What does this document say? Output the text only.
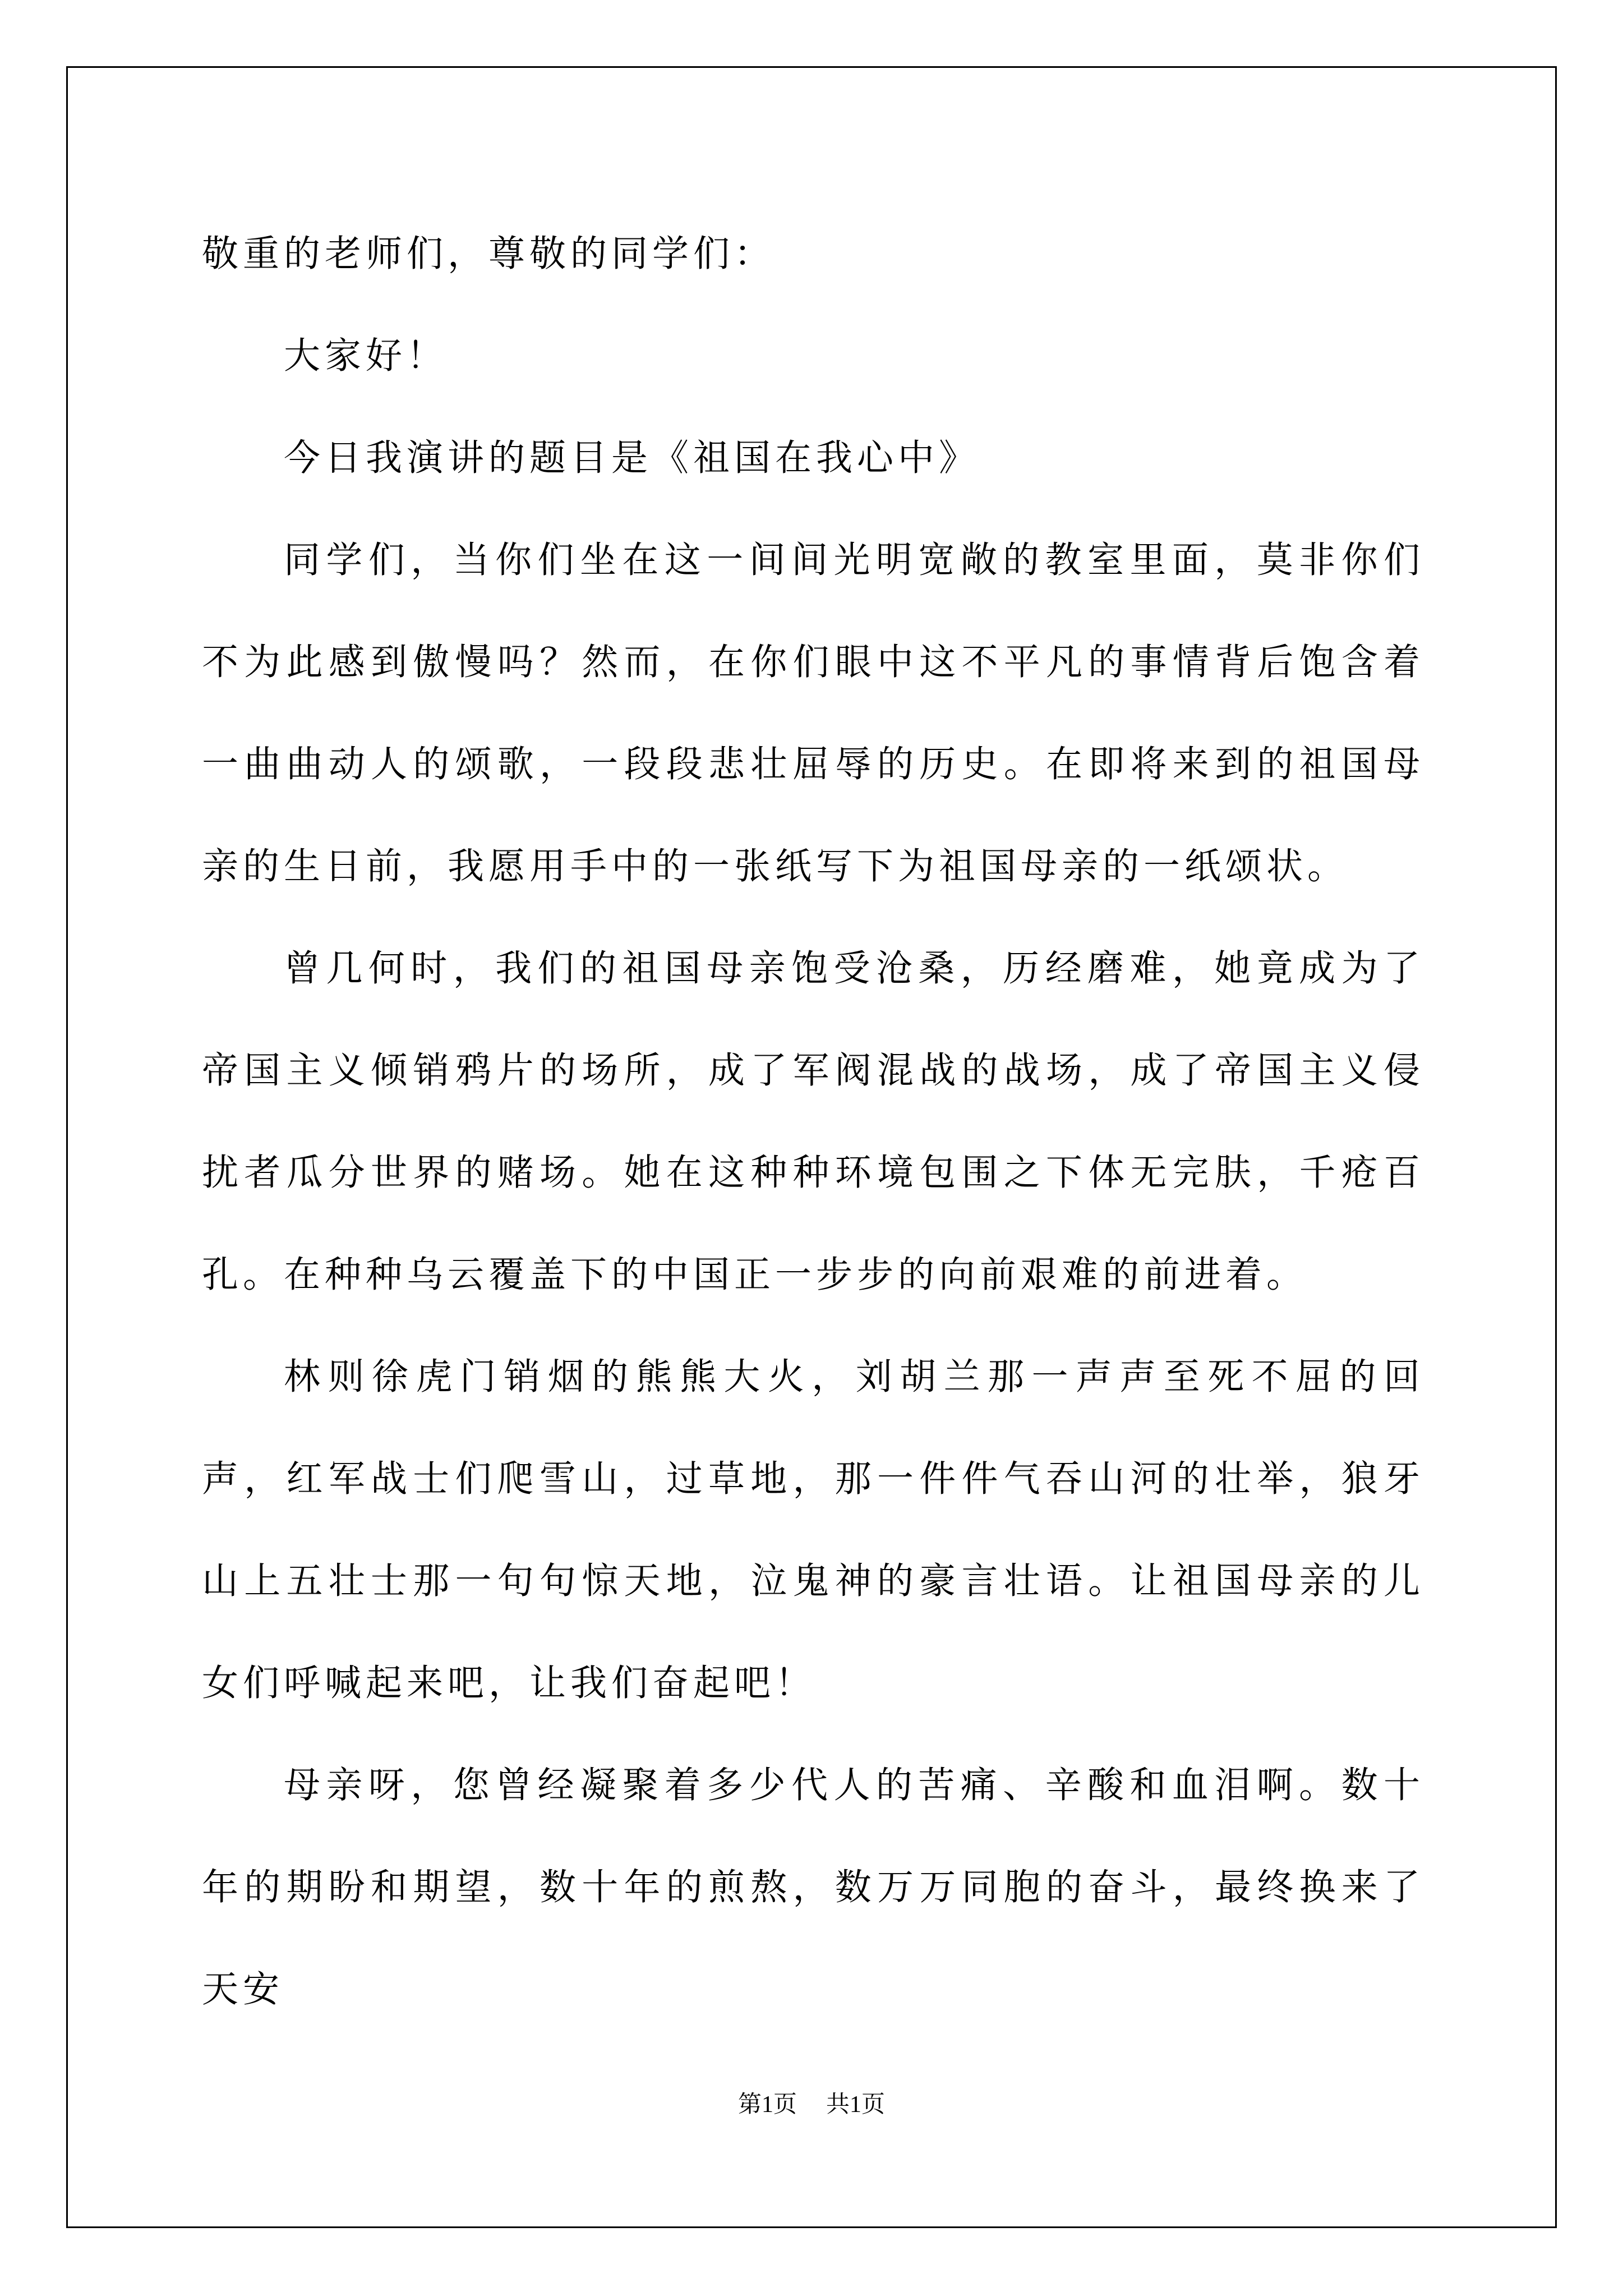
敬重的老师们，尊敬的同学们：

大家好！

今日我演讲的题目是《祖国在我心中》

同学们，当你们坐在这一间间光明宽敞的教室里面，莫非你们不为此感到傲慢吗？然而，在你们眼中这不平凡的事情背后饱含着一曲曲动人的颂歌，一段段悲壮屈辱的历史。在即将来到的祖国母亲的生日前，我愿用手中的一张纸写下为祖国母亲的一纸颂状。

曾几何时，我们的祖国母亲饱受沧桑，历经磨难，她竟成为了帝国主义倾销鸦片的场所，成了军阀混战的战场，成了帝国主义侵扰者瓜分世界的赌场。她在这种种环境包围之下体无完肤，千疮百孔。在种种乌云覆盖下的中国正一步步的向前艰难的前进着。

林则徐虎门销烟的熊熊大火，刘胡兰那一声声至死不屈的回声，红军战士们爬雪山，过草地，那一件件气吞山河的壮举，狼牙山上五壮士那一句句惊天地，泣鬼神的豪言壮语。让祖国母亲的儿女们呼喊起来吧，让我们奋起吧！

母亲呀，您曾经凝聚着多少代人的苦痛、辛酸和血泪啊。数十年的期盼和期望，数十年的煎熬，数万万同胞的奋斗，最终换来了天安

第1页 共1页
